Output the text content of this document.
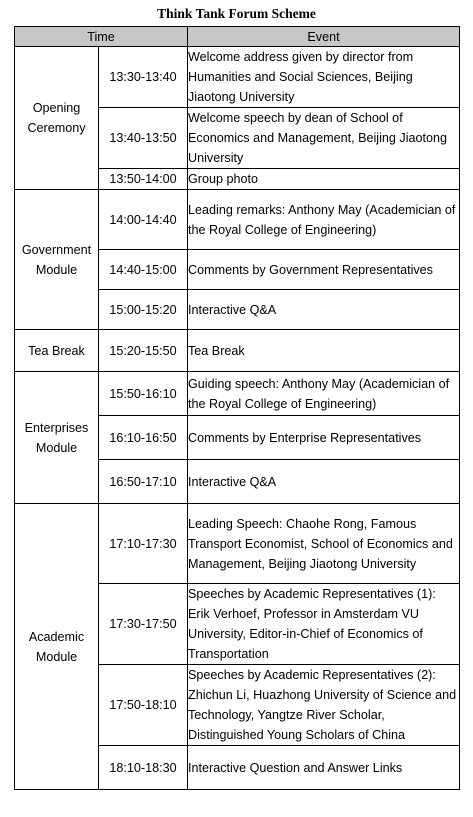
Think Tank Forum Scheme
Time		Event
Opening Ceremony	13:30-13:40	Welcome address given by director from Humanities and Social Sciences, Beijing Jiaotong University
	13:40-13:50	Welcome speech by dean of School of Economics and Management, Beijing Jiaotong University
	13:50-14:00	Group photo
Government Module	14:00-14:40	Leading remarks: Anthony May (Academician of the Royal College of Engineering)
	14:40-15:00	Comments by Government Representatives
	15:00-15:20	Interactive Q&A
Tea Break	15:20-15:50	Tea Break
Enterprises Module	15:50-16:10	Guiding speech: Anthony May (Academician of the Royal College of Engineering)
	16:10-16:50	Comments by Enterprise Representatives
	16:50-17:10	Interactive Q&A
Academic Module	17:10-17:30	Leading Speech: Chaohe Rong, Famous Transport Economist, School of Economics and Management, Beijing Jiaotong University
	17:30-17:50	Speeches by Academic Representatives (1): Erik Verhoef, Professor in Amsterdam VU University, Editor-in-Chief of Economics of Transportation
	17:50-18:10	Speeches by Academic Representatives (2): Zhichun Li, Huazhong University of Science and Technology, Yangtze River Scholar, Distinguished Young Scholars of China
	18:10-18:30	Interactive Question and Answer Links
